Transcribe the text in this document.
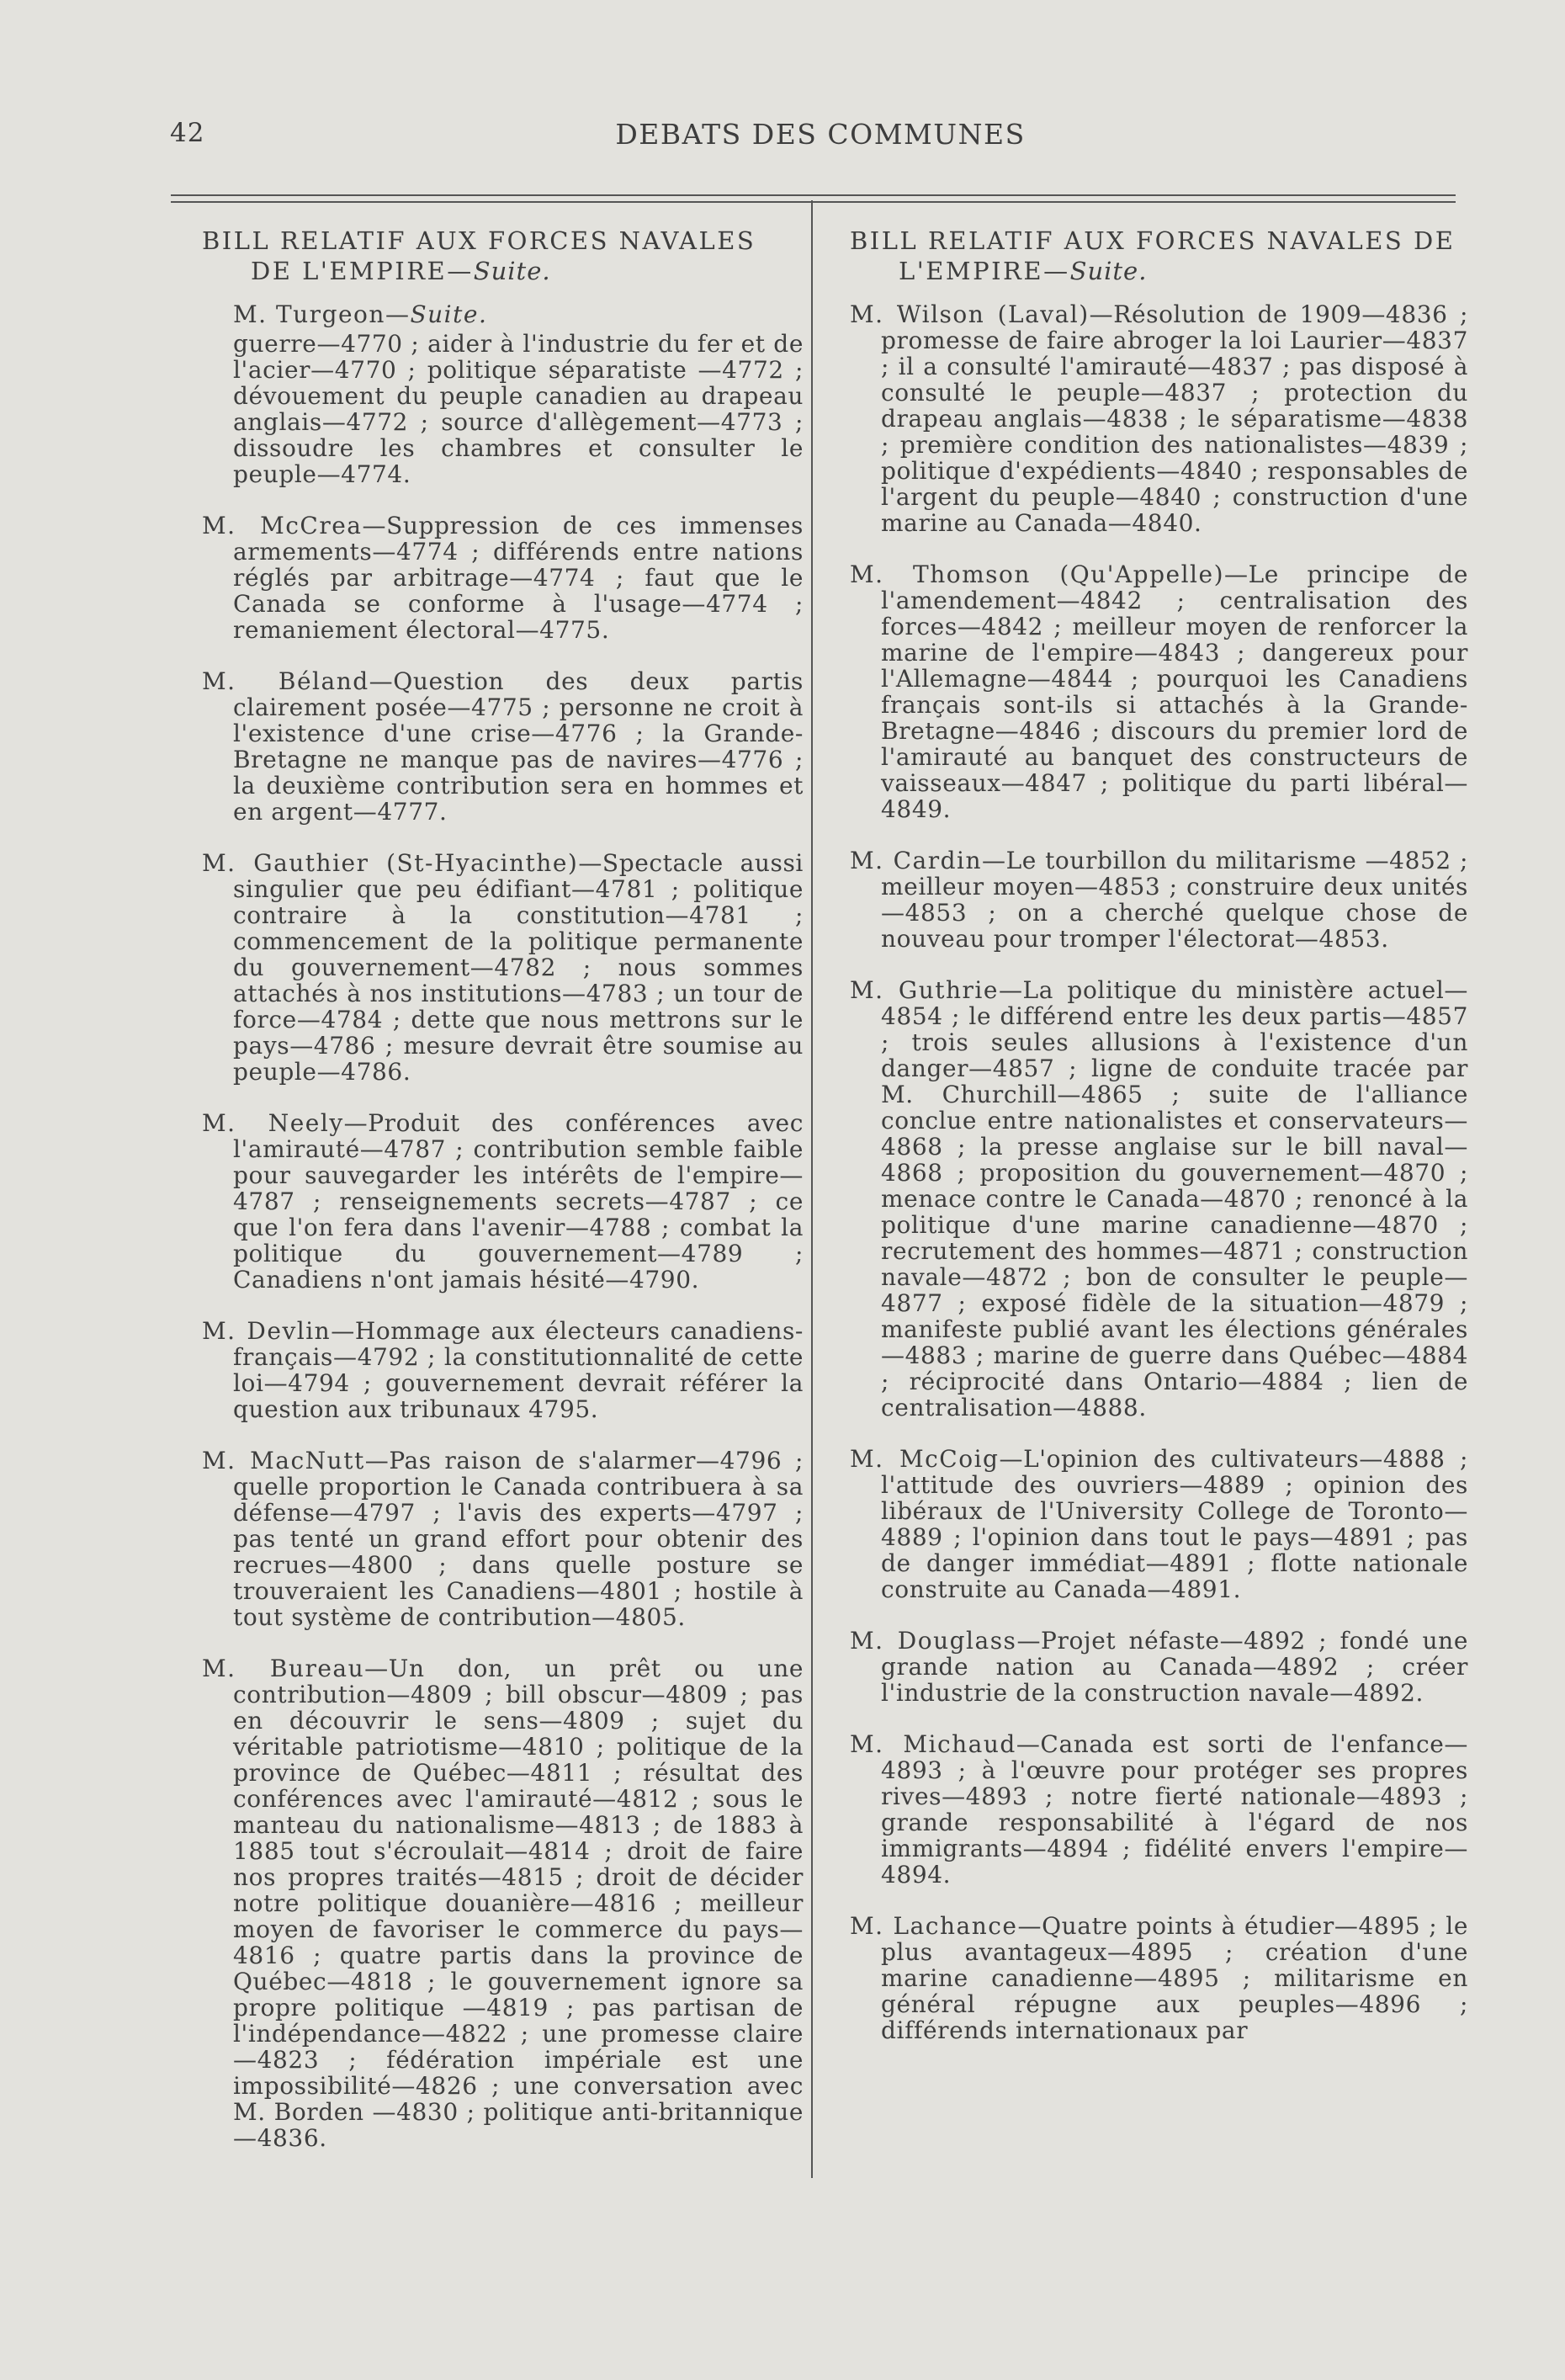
42	DEBATS DES COMMUNES

BILL RELATIF AUX FORCES NAVALES DE L'EMPIRE—Suite.

M. Turgeon—Suite.

guerre—4770 ; aider à l'industrie du fer et de l'acier—4770 ; politique séparatiste —4772 ; dévouement du peuple canadien au drapeau anglais—4772 ; source d'allègement—4773 ; dissoudre les chambres et consulter le peuple—4774.

M. McCrea—Suppression de ces immenses armements—4774 ; différends entre nations réglés par arbitrage—4774 ; faut que le Canada se conforme à l'usage—4774 ; remaniement électoral—4775.

M. Béland—Question des deux partis clairement posée—4775 ; personne ne croit à l'existence d'une crise—4776 ; la Grande-Bretagne ne manque pas de navires—4776 ; la deuxième contribution sera en hommes et en argent—4777.

M. Gauthier (St-Hyacinthe)—Spectacle aussi singulier que peu édifiant—4781 ; politique contraire à la constitution—4781 ; commencement de la politique permanente du gouvernement—4782 ; nous sommes attachés à nos institutions—4783 ; un tour de force—4784 ; dette que nous mettrons sur le pays—4786 ; mesure devrait être soumise au peuple—4786.

M. Neely—Produit des conférences avec l'amirauté—4787 ; contribution semble faible pour sauvegarder les intérêts de l'empire—4787 ; renseignements secrets—4787 ; ce que l'on fera dans l'avenir—4788 ; combat la politique du gouvernement—4789 ; Canadiens n'ont jamais hésité—4790.

M. Devlin—Hommage aux électeurs canadiens-français—4792 ; la constitutionnalité de cette loi—4794 ; gouvernement devrait référer la question aux tribunaux 4795.

M. MacNutt—Pas raison de s'alarmer—4796 ; quelle proportion le Canada contribuera à sa défense—4797 ; l'avis des experts—4797 ; pas tenté un grand effort pour obtenir des recrues—4800 ; dans quelle posture se trouveraient les Canadiens—4801 ; hostile à tout système de contribution—4805.

M. Bureau—Un don, un prêt ou une contribution—4809 ; bill obscur—4809 ; pas en découvrir le sens—4809 ; sujet du véritable patriotisme—4810 ; politique de la province de Québec—4811 ; résultat des conférences avec l'amirauté—4812 ; sous le manteau du nationalisme—4813 ; de 1883 à 1885 tout s'écroulait—4814 ; droit de faire nos propres traités—4815 ; droit de décider notre politique douanière—4816 ; meilleur moyen de favoriser le commerce du pays—4816 ; quatre partis dans la province de Québec—4818 ; le gouvernement ignore sa propre politique —4819 ; pas partisan de l'indépendance—4822 ; une promesse claire—4823 ; fédération impériale est une impossibilité—4826 ; une conversation avec M. Borden —4830 ; politique anti-britannique—4836.

BILL RELATIF AUX FORCES NAVALES DE L'EMPIRE—Suite.

M. Wilson (Laval)—Résolution de 1909—4836 ; promesse de faire abroger la loi Laurier—4837 ; il a consulté l'amirauté—4837 ; pas disposé à consulté le peuple—4837 ; protection du drapeau anglais—4838 ; le séparatisme—4838 ; première condition des nationalistes—4839 ; politique d'expédients—4840 ; responsables de l'argent du peuple—4840 ; construction d'une marine au Canada—4840.

M. Thomson (Qu'Appelle)—Le principe de l'amendement—4842 ; centralisation des forces—4842 ; meilleur moyen de renforcer la marine de l'empire—4843 ; dangereux pour l'Allemagne—4844 ; pourquoi les Canadiens français sont-ils si attachés à la Grande-Bretagne—4846 ; discours du premier lord de l'amirauté au banquet des constructeurs de vaisseaux—4847 ; politique du parti libéral—4849.

M. Cardin—Le tourbillon du militarisme —4852 ; meilleur moyen—4853 ; construire deux unités—4853 ; on a cherché quelque chose de nouveau pour tromper l'électorat—4853.

M. Guthrie—La politique du ministère actuel—4854 ; le différend entre les deux partis—4857 ; trois seules allusions à l'existence d'un danger—4857 ; ligne de conduite tracée par M. Churchill—4865 ; suite de l'alliance conclue entre nationalistes et conservateurs—4868 ; la presse anglaise sur le bill naval—4868 ; proposition du gouvernement—4870 ; menace contre le Canada—4870 ; renoncé à la politique d'une marine canadienne—4870 ; recrutement des hommes—4871 ; construction navale—4872 ; bon de consulter le peuple—4877 ; exposé fidèle de la situation—4879 ; manifeste publié avant les élections générales—4883 ; marine de guerre dans Québec—4884 ; réciprocité dans Ontario—4884 ; lien de centralisation—4888.

M. McCoig—L'opinion des cultivateurs—4888 ; l'attitude des ouvriers—4889 ; opinion des libéraux de l'University College de Toronto—4889 ; l'opinion dans tout le pays—4891 ; pas de danger immédiat—4891 ; flotte nationale construite au Canada—4891.

M. Douglass—Projet néfaste—4892 ; fondé une grande nation au Canada—4892 ; créer l'industrie de la construction navale—4892.

M. Michaud—Canada est sorti de l'enfance—4893 ; à l'œuvre pour protéger ses propres rives—4893 ; notre fierté nationale—4893 ; grande responsabilité à l'égard de nos immigrants—4894 ; fidélité envers l'empire—4894.

M. Lachance—Quatre points à étudier—4895 ; le plus avantageux—4895 ; création d'une marine canadienne—4895 ; militarisme en général répugne aux peuples—4896 ; différends internationaux par
